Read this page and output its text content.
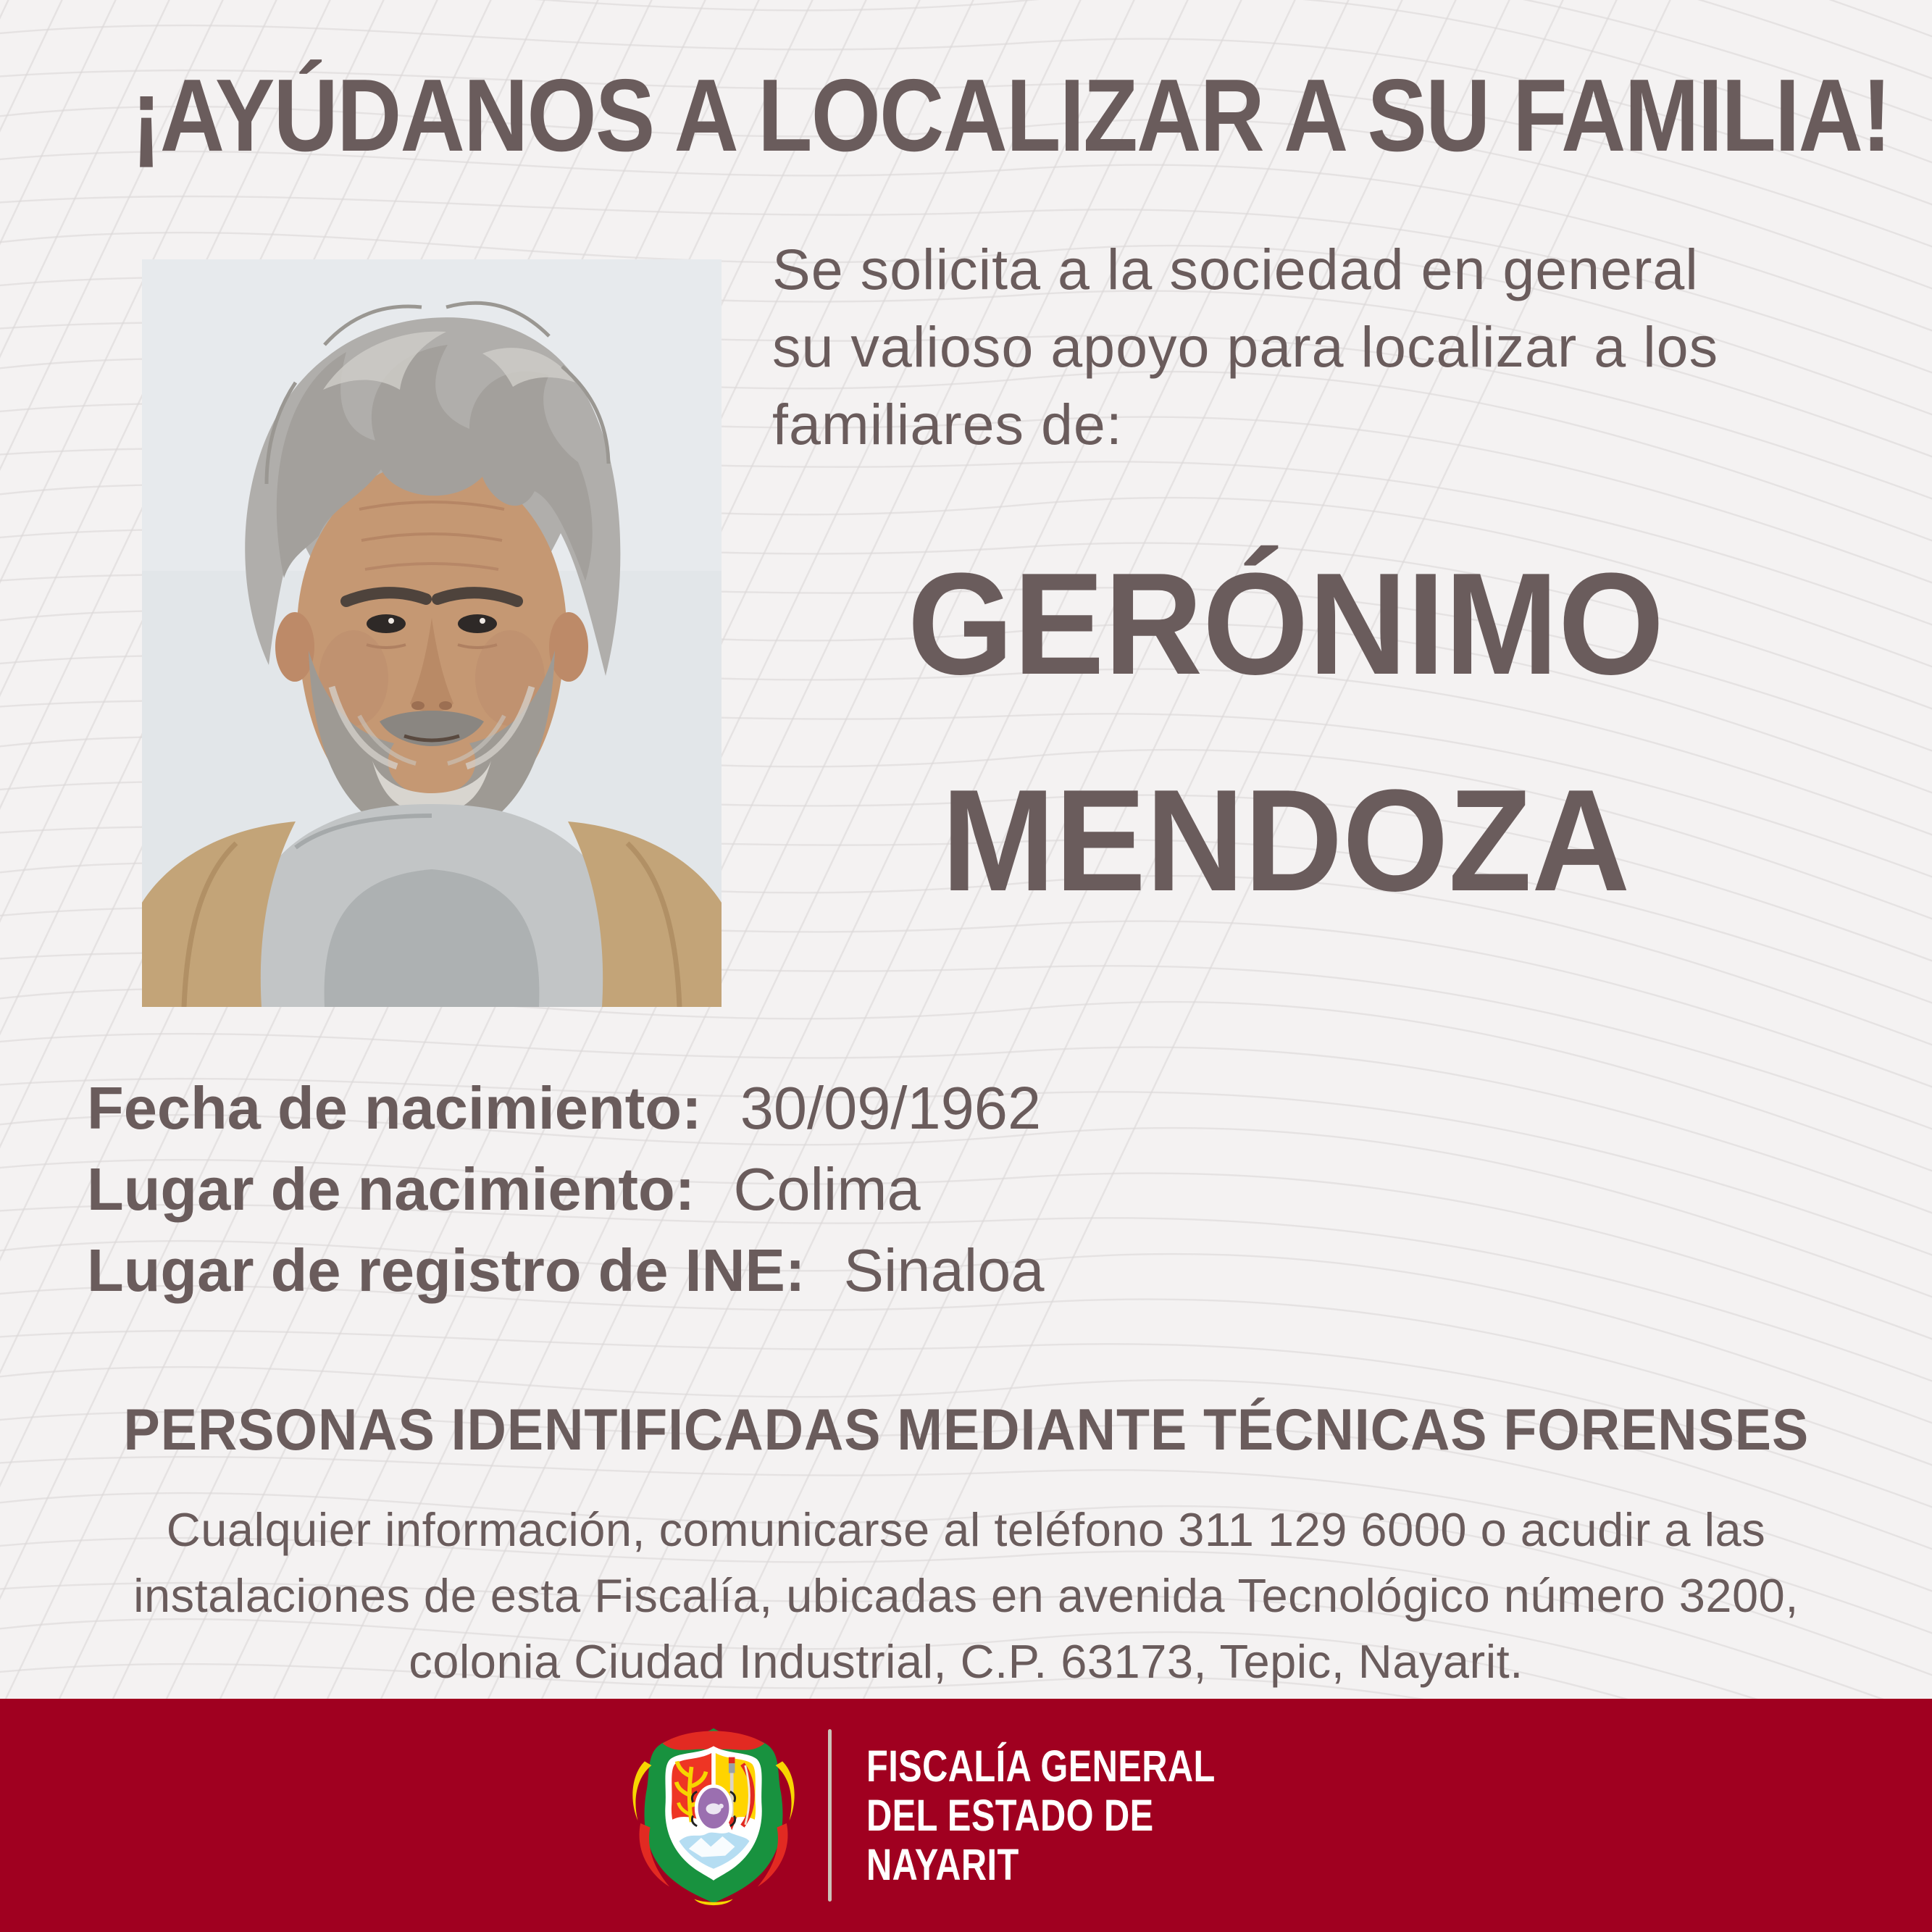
¡AYÚDANOS A LOCALIZAR A SU FAMILIA!
Se solicita a la sociedad en general
su valioso apoyo para localizar a los
familiares de:
GERÓNIMO
MENDOZA
Fecha de nacimiento: 30/09/1962
Lugar de nacimiento: Colima
Lugar de registro de INE: Sinaloa
PERSONAS IDENTIFICADAS MEDIANTE TÉCNICAS FORENSES
Cualquier información, comunicarse al teléfono 311 129 6000 o acudir a las
instalaciones de esta Fiscalía, ubicadas en avenida Tecnológico número 3200,
colonia Ciudad Industrial, C.P. 63173, Tepic, Nayarit.
FISCALÍA GENERAL
DEL ESTADO DE
NAYARIT
